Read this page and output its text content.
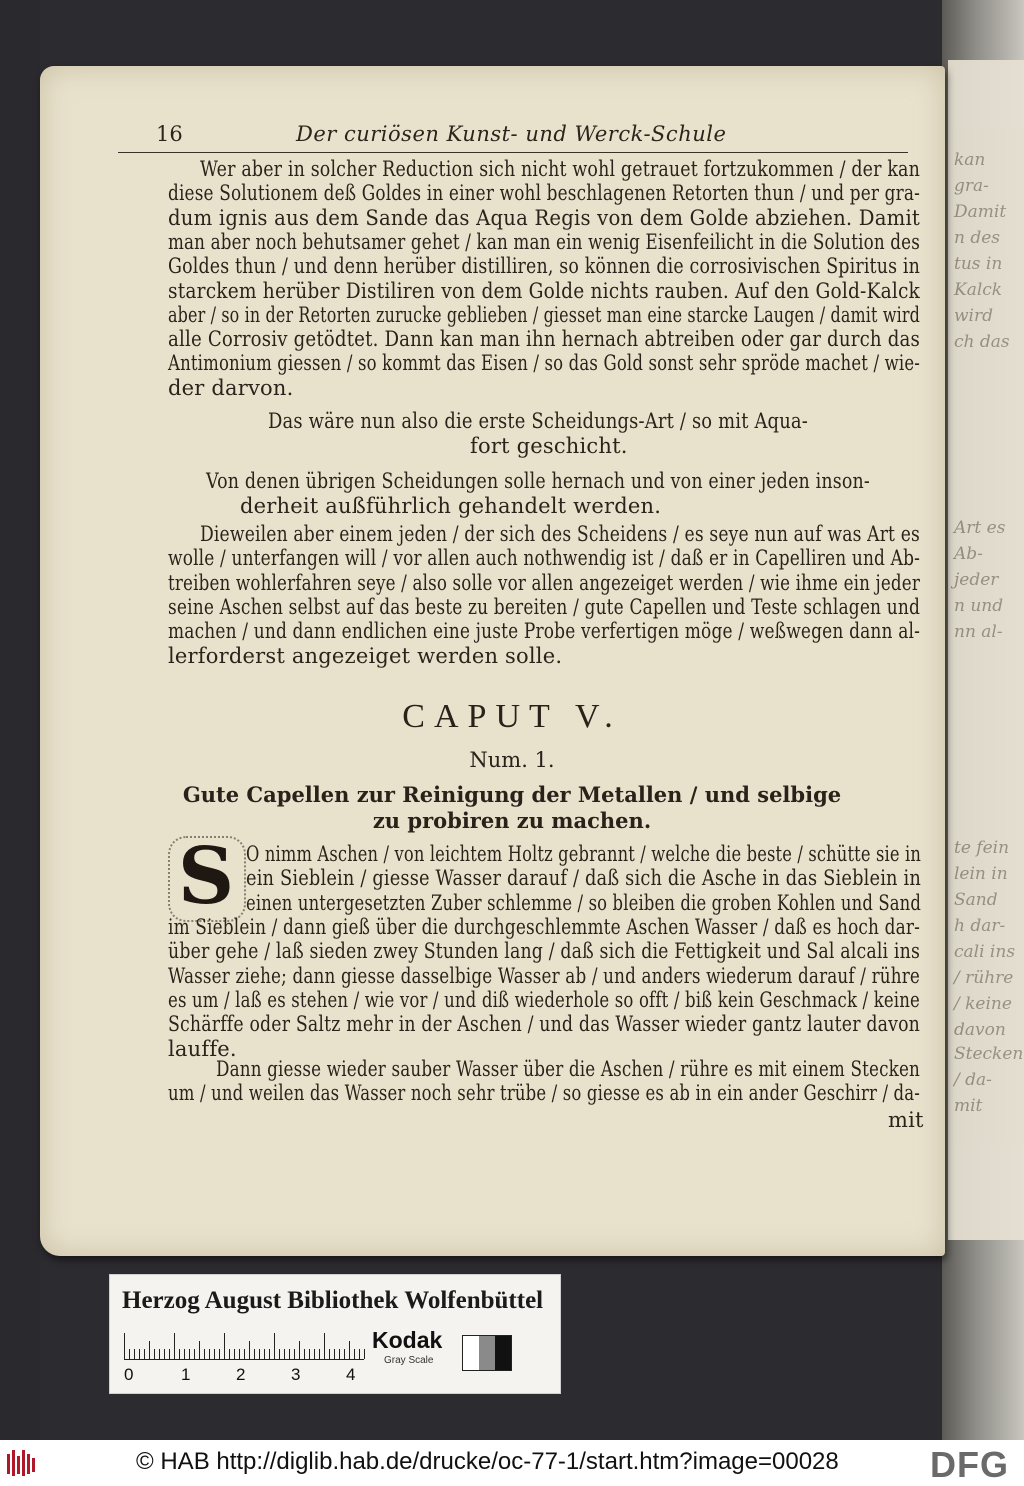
kan
gra-
Damit
n des
tus in
Kalck
wird
ch das
Art es
Ab-
jeder
n und
nn al-
te fein
lein in
Sand
h dar-
cali ins
/ rühre
/ keine
davon
Stecken
/ da-
mit
16	Der curiösen Kunst- und Werck-Schule
Wer aber in solcher Reduction sich nicht wohl getrauet fortzukommen / der kan
diese Solutionem deß Goldes in einer wohl beschlagenen Retorten thun / und per gra-
dum ignis aus dem Sande das Aqua Regis von dem Golde abziehen. Damit
man aber noch behutsamer gehet / kan man ein wenig Eisenfeilicht in die Solution des
Goldes thun / und denn herüber distilliren, so können die corrosivischen Spiritus in
starckem herüber Distiliren von dem Golde nichts rauben. Auf den Gold-Kalck
aber / so in der Retorten zurucke geblieben / giesset man eine starcke Laugen / damit wird
alle Corrosiv getödtet. Dann kan man ihn hernach abtreiben oder gar durch das
Antimonium giessen / so kommt das Eisen / so das Gold sonst sehr spröde machet / wie-
der darvon.
Das wäre nun also die erste Scheidungs-Art / so mit Aqua-
fort geschicht.
Von denen übrigen Scheidungen solle hernach und von einer jeden inson-
derheit außführlich gehandelt werden.
Dieweilen aber einem jeden / der sich des Scheidens / es seye nun auf was Art es
wolle / unterfangen will / vor allen auch nothwendig ist / daß er in Capelliren und Ab-
treiben wohlerfahren seye / also solle vor allen angezeiget werden / wie ihme ein jeder
seine Aschen selbst auf das beste zu bereiten / gute Capellen und Teste schlagen und
machen / und dann endlichen eine juste Probe verfertigen möge / weßwegen dann al-
lerforderst angezeiget werden solle.
CAPUT V.
Num. 1.
Gute Capellen zur Reinigung der Metallen / und selbige
zu probiren zu machen.
S O nimm Aschen / von leichtem Holtz gebrannt / welche die beste / schütte sie in
ein Sieblein / giesse Wasser darauf / daß sich die Asche in das Sieblein in
einen untergesetzten Zuber schlemme / so bleiben die groben Kohlen und Sand
im Sieblein / dann gieß über die durchgeschlemmte Aschen Wasser / daß es hoch dar-
über gehe / laß sieden zwey Stunden lang / daß sich die Fettigkeit und Sal alcali ins
Wasser ziehe; dann giesse dasselbige Wasser ab / und anders wiederum darauf / rühre
es um / laß es stehen / wie vor / und diß wiederhole so offt / biß kein Geschmack / keine
Schärffe oder Saltz mehr in der Aschen / und das Wasser wieder gantz lauter davon
lauffe.
Dann giesse wieder sauber Wasser über die Aschen / rühre es mit einem Stecken
um / und weilen das Wasser noch sehr trübe / so giesse es ab in ein ander Geschirr / da-
mit
Herzog August Bibliothek Wolfenbüttel
0	1	2	3	4
Kodak
Gray Scale
© HAB http://diglib.hab.de/drucke/oc-77-1/start.htm?image=00028	DFG
